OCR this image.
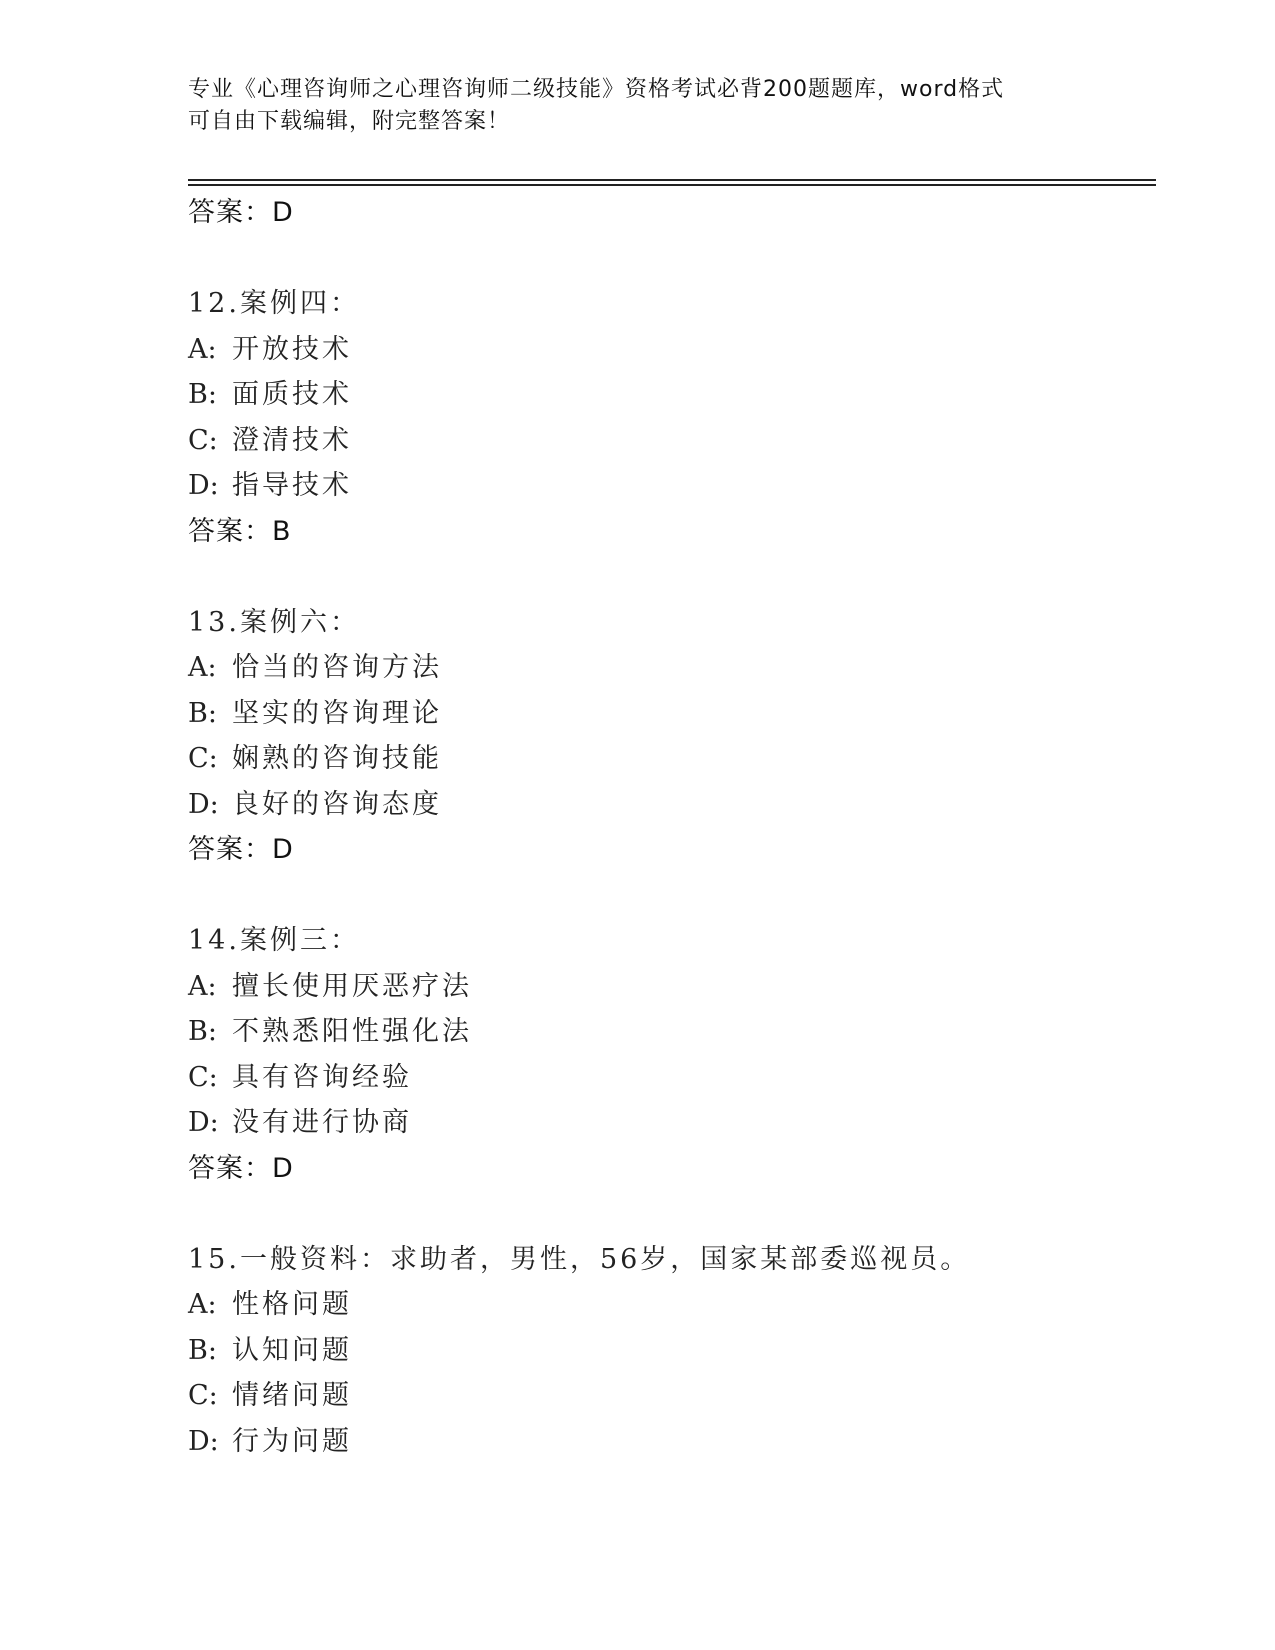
专业《心理咨询师之心理咨询师二级技能》资格考试必背200题题库，word格式
可自由下载编辑，附完整答案！
答案：D
12.案例四：
A: 开放技术
B: 面质技术
C: 澄清技术
D: 指导技术
答案：B
13.案例六：
A: 恰当的咨询方法
B: 坚实的咨询理论
C: 娴熟的咨询技能
D: 良好的咨询态度
答案：D
14.案例三：
A: 擅长使用厌恶疗法
B: 不熟悉阳性强化法
C: 具有咨询经验
D: 没有进行协商
答案：D
15.一般资料：求助者，男性，56岁，国家某部委巡视员。
A: 性格问题
B: 认知问题
C: 情绪问题
D: 行为问题
